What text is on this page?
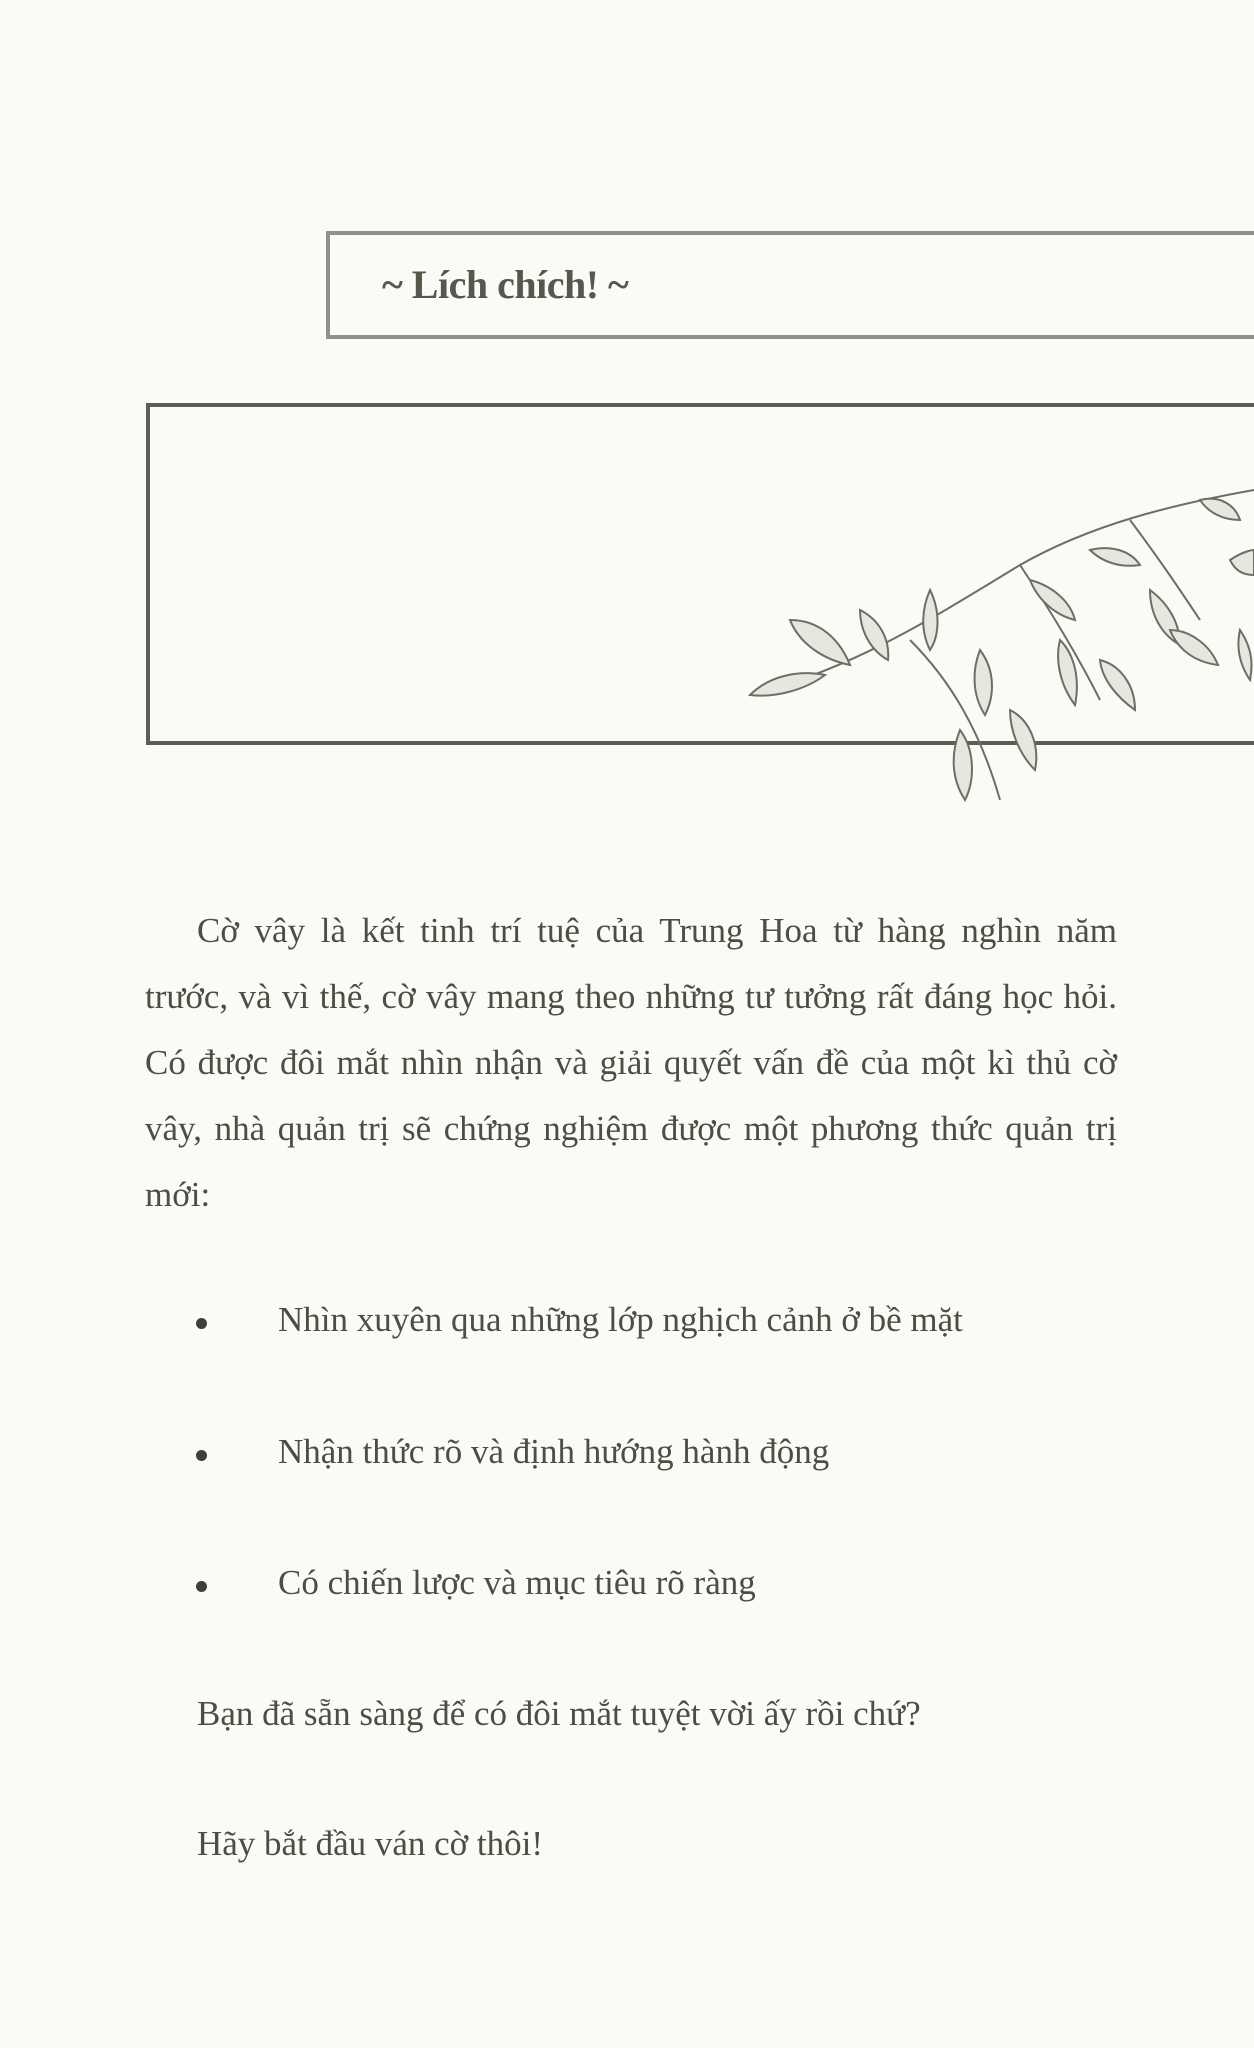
~ Lích chích! ~

Cờ vây là kết tinh trí tuệ của Trung Hoa từ hàng nghìn năm trước, và vì thế, cờ vây mang theo những tư tưởng rất đáng học hỏi. Có được đôi mắt nhìn nhận và giải quyết vấn đề của một kì thủ cờ vây, nhà quản trị sẽ chứng nghiệm được một phương thức quản trị mới:

Nhìn xuyên qua những lớp nghịch cảnh ở bề mặt
Nhận thức rõ và định hướng hành động
Có chiến lược và mục tiêu rõ ràng
Bạn đã sẵn sàng để có đôi mắt tuyệt vời ấy rồi chứ?
Hãy bắt đầu ván cờ thôi!
